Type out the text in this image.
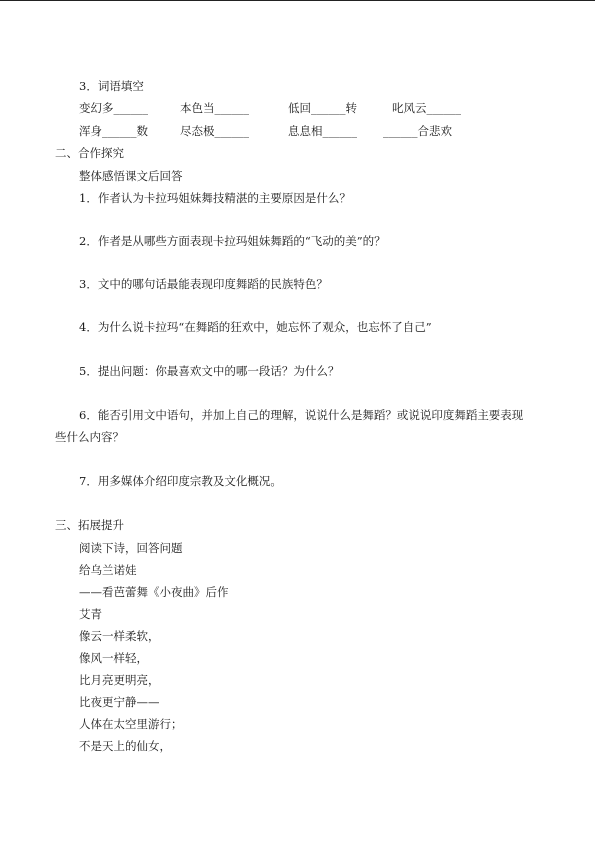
3．词语填空
变幻多______	本色当______	低回______转	叱风云______
浑身______数	尽态极______	息息相______ ______合悲欢
二、合作探究
整体感悟课文后回答
1．作者认为卡拉玛姐妹舞技精湛的主要原因是什么？
2．作者是从哪些方面表现卡拉玛姐妹舞蹈的“飞动的美”的？
3．文中的哪句话最能表现印度舞蹈的民族特色？
4．为什么说卡拉玛“在舞蹈的狂欢中，她忘怀了观众，也忘怀了自己”
5．提出问题：你最喜欢文中的哪一段话？为什么？
6．能否引用文中语句，并加上自己的理解，说说什么是舞蹈？或说说印度舞蹈主要表现
些什么内容？
7．用多媒体介绍印度宗教及文化概况。
三、拓展提升
阅读下诗，回答问题
给乌兰诺娃
——看芭蕾舞《小夜曲》后作
艾青
像云一样柔软，
像风一样轻，
比月亮更明亮，
比夜更宁静——
人体在太空里游行；
不是天上的仙女，
